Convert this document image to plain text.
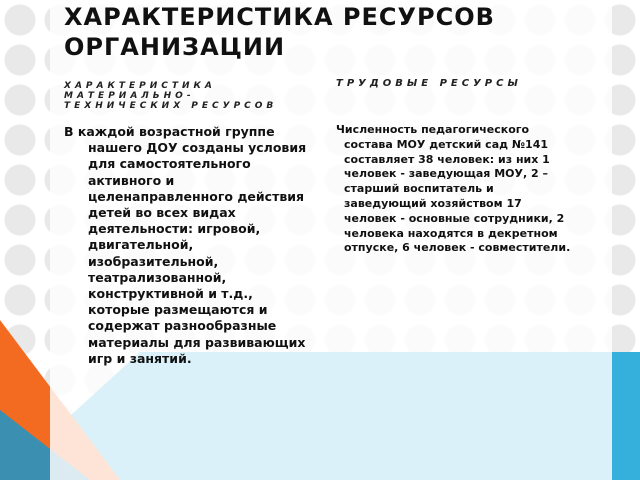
ХАРАКТЕРИСТИКА РЕСУРСОВ ОРГАНИЗАЦИИ

ХАРАКТЕРИСТИКА МАТЕРИАЛЬНО-ТЕХНИЧЕСКИХ РЕСУРСОВ

ТРУДОВЫЕ РЕСУРСЫ

В каждой возрастной группе нашего ДОУ созданы условия для самостоятельного активного и целенаправленного действия детей во всех видах деятельности: игровой, двигательной, изобразительной, театрализованной, конструктивной и т.д., которые размещаются и содержат разнообразные материалы для развивающих игр и занятий.

Численность педагогического состава МОУ детский сад №141 составляет 38 человек: из них 1 человек - заведующая МОУ, 2 – старший воспитатель и заведующий хозяйством 17 человек - основные сотрудники, 2 человека находятся в декретном отпуске, 6 человек - совместители.
